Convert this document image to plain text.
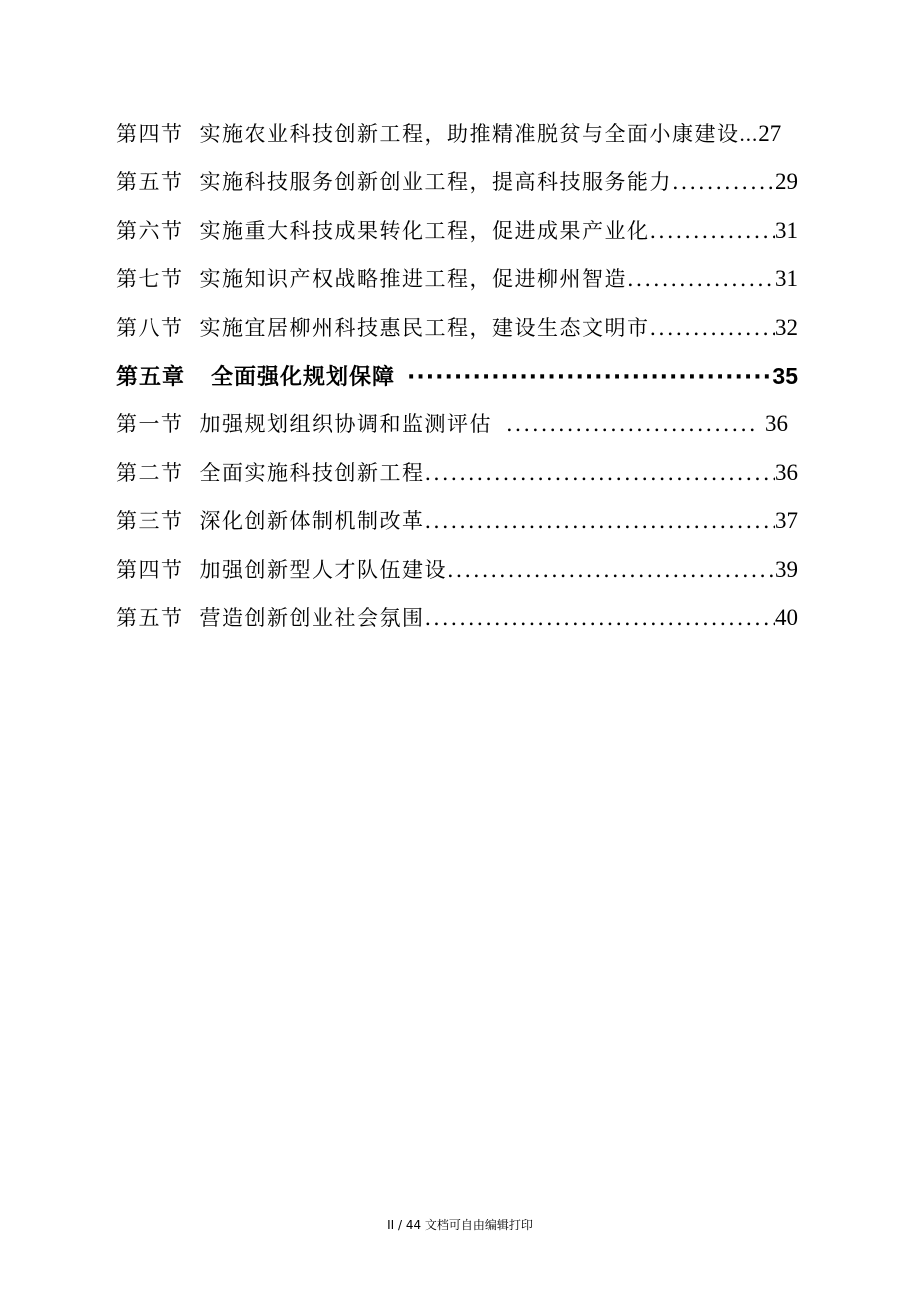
第四节 实施农业科技创新工程，助推精准脱贫与全面小康建设 ... 27
第五节 实施科技服务创新创业工程，提高科技服务能力 .....	29
第六节 实施重大科技成果转化工程，促进成果产业化 .....	31
第七节 实施知识产权战略推进工程，促进柳州智造 .....	31
第八节 实施宜居柳州科技惠民工程，建设生态文明市 .....	32
第五章 全面强化规划保障 ·····	35
第一节 加强规划组织协调和监测评估 .....	36
第二节 全面实施科技创新工程 .....	36
第三节 深化创新体制机制改革 .....	37
第四节 加强创新型人才队伍建设 .....	39
第五节 营造创新创业社会氛围 .....	40
II / 44 文档可自由编辑打印
